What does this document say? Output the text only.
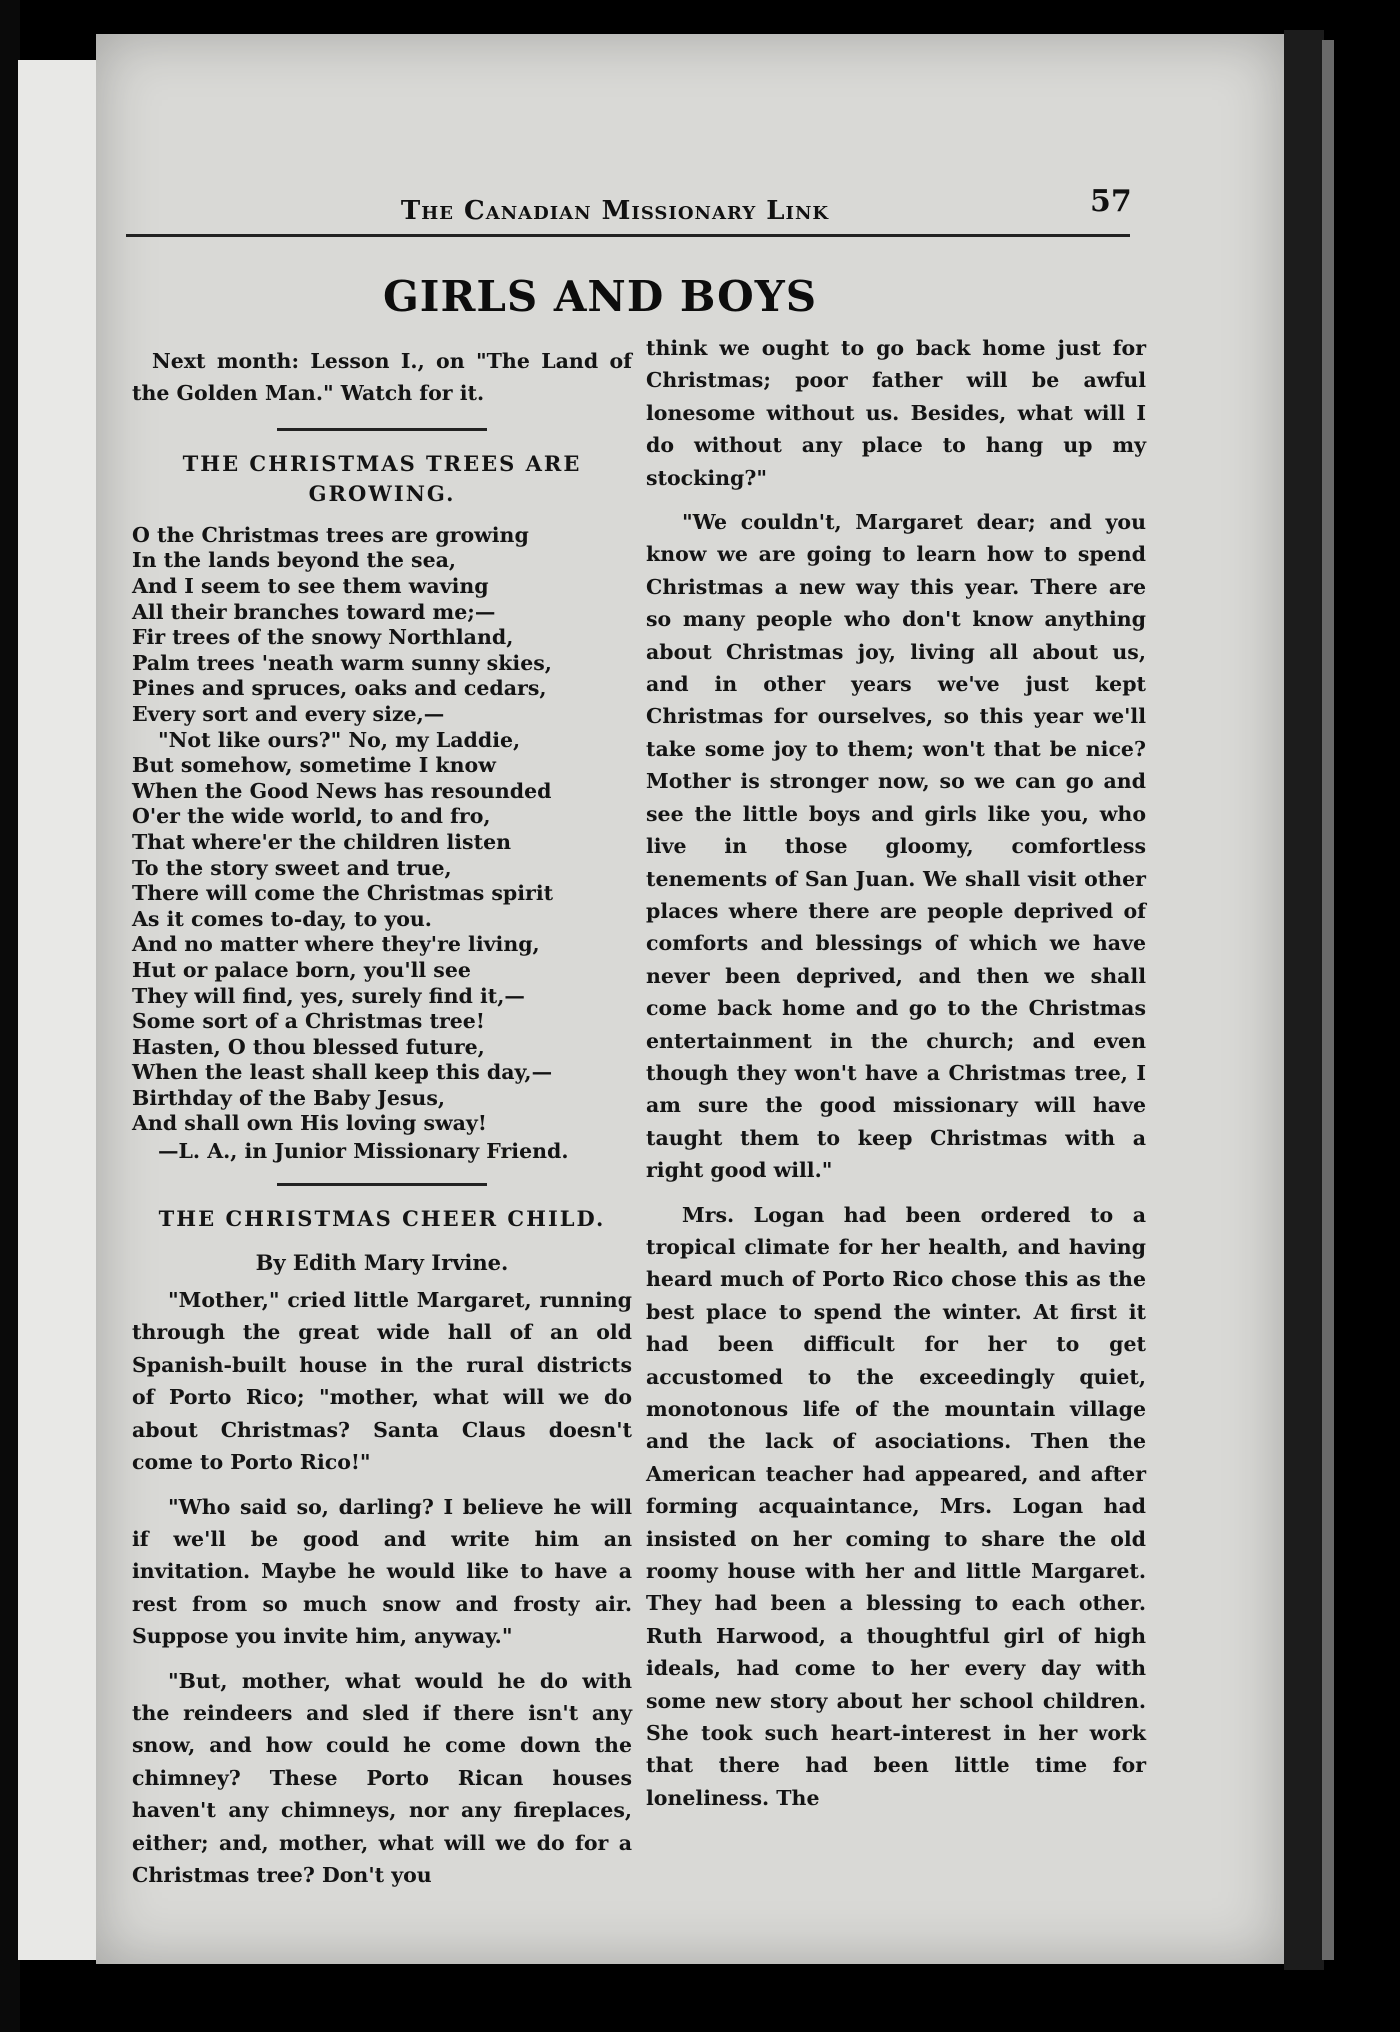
The Canadian Missionary Link	57
GIRLS AND BOYS

Next month: Lesson I., on "The Land of the Golden Man." Watch for it.

THE CHRISTMAS TREES ARE GROWING.

O the Christmas trees are growing
In the lands beyond the sea,
And I seem to see them waving
All their branches toward me;—
Fir trees of the snowy Northland,
Palm trees 'neath warm sunny skies,
Pines and spruces, oaks and cedars,
Every sort and every size,—
"Not like ours?" No, my Laddie,
But somehow, sometime I know
When the Good News has resounded
O'er the wide world, to and fro,
That where'er the children listen
To the story sweet and true,
There will come the Christmas spirit
As it comes to-day, to you.
And no matter where they're living,
Hut or palace born, you'll see
They will find, yes, surely find it,—
Some sort of a Christmas tree!
Hasten, O thou blessed future,
When the least shall keep this day,—
Birthday of the Baby Jesus,
And shall own His loving sway!

—L. A., in Junior Missionary Friend.

THE CHRISTMAS CHEER CHILD.

By Edith Mary Irvine.

"Mother," cried little Margaret, running through the great wide hall of an old Spanish-built house in the rural districts of Porto Rico; "mother, what will we do about Christmas? Santa Claus doesn't come to Porto Rico!"

"Who said so, darling? I believe he will if we'll be good and write him an invitation. Maybe he would like to have a rest from so much snow and frosty air. Suppose you invite him, anyway."

"But, mother, what would he do with the reindeers and sled if there isn't any snow, and how could he come down the chimney? These Porto Rican houses haven't any chimneys, nor any fireplaces, either; and, mother, what will we do for a Christmas tree? Don't you

think we ought to go back home just for Christmas; poor father will be awful lonesome without us. Besides, what will I do without any place to hang up my stocking?"

"We couldn't, Margaret dear; and you know we are going to learn how to spend Christmas a new way this year. There are so many people who don't know anything about Christmas joy, living all about us, and in other years we've just kept Christmas for ourselves, so this year we'll take some joy to them; won't that be nice? Mother is stronger now, so we can go and see the little boys and girls like you, who live in those gloomy, comfortless tenements of San Juan. We shall visit other places where there are people deprived of comforts and blessings of which we have never been deprived, and then we shall come back home and go to the Christmas entertainment in the church; and even though they won't have a Christmas tree, I am sure the good missionary will have taught them to keep Christmas with a right good will."

Mrs. Logan had been ordered to a tropical climate for her health, and having heard much of Porto Rico chose this as the best place to spend the winter. At first it had been difficult for her to get accustomed to the exceedingly quiet, monotonous life of the mountain village and the lack of asociations. Then the American teacher had appeared, and after forming acquaintance, Mrs. Logan had insisted on her coming to share the old roomy house with her and little Margaret. They had been a blessing to each other. Ruth Harwood, a thoughtful girl of high ideals, had come to her every day with some new story about her school children. She took such heart-interest in her work that there had been little time for loneliness. The
